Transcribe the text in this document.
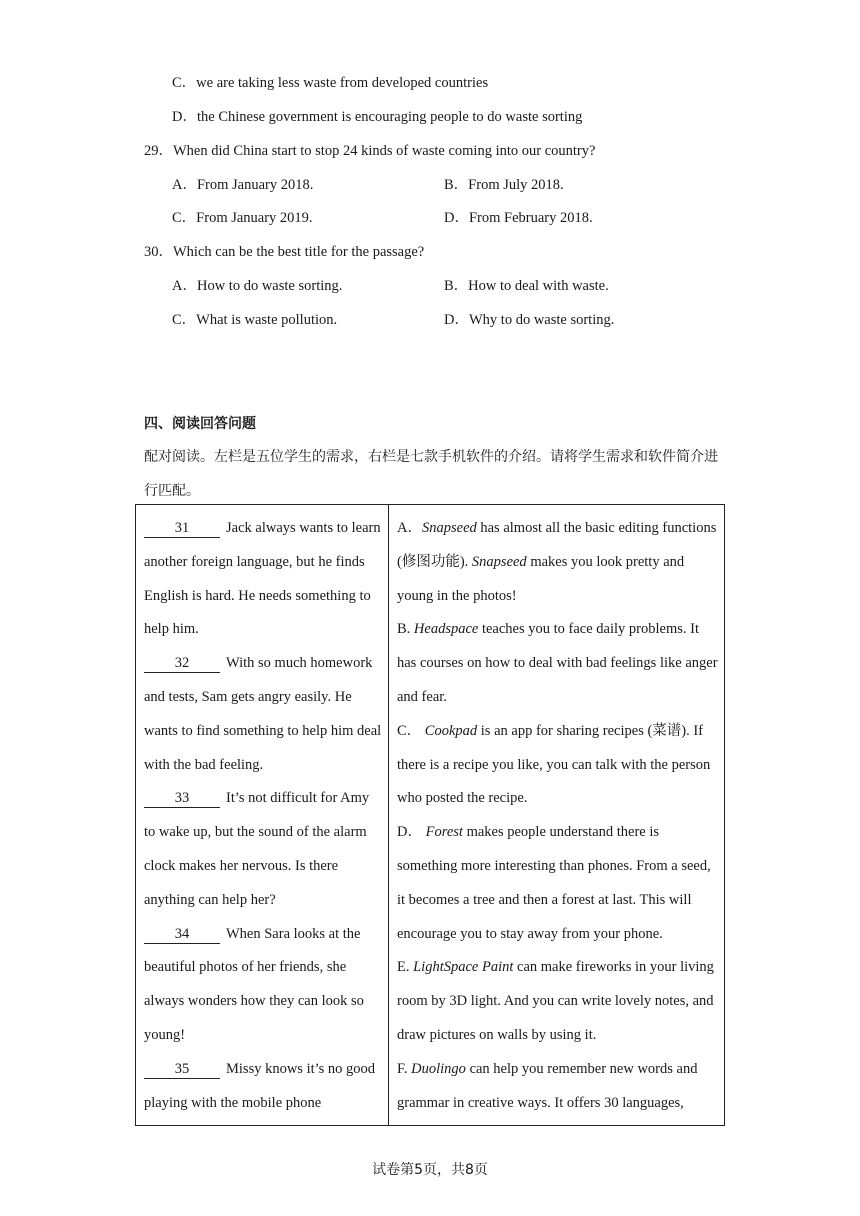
C．we are taking less waste from developed countries
D．the Chinese government is encouraging people to do waste sorting
29．When did China start to stop 24 kinds of waste coming into our country?
A．From January 2018.	B．From July 2018.
C．From January 2019.	D．From February 2018.
30．Which can be the best title for the passage?
A．How to do waste sorting.	B．How to deal with waste.
C．What is waste pollution.	D．Why to do waste sorting.
四、阅读回答问题
配对阅读。左栏是五位学生的需求，右栏是七款手机软件的介绍。请将学生需求和软件简介进行匹配。
31	Jack always wants to learn another foreign language, but he finds English is hard. He needs something to help him.
32	With so much homework and tests, Sam gets angry easily. He wants to find something to help him deal with the bad feeling.
33	It’s not difficult for Amy to wake up, but the sound of the alarm clock makes her nervous. Is there anything can help her?
34	When Sara looks at the beautiful photos of her friends, she always wonders how they can look so young!
35	Missy knows it’s no good playing with the mobile phone

A．Snapseed has almost all the basic editing functions (修图功能). Snapseed makes you look pretty and young in the photos!
B. Headspace teaches you to face daily problems. It has courses on how to deal with bad feelings like anger and fear.
C． Cookpad is an app for sharing recipes (菜谱). If there is a recipe you like, you can talk with the person who posted the recipe.
D． Forest makes people understand there is something more interesting than phones. From a seed, it becomes a tree and then a forest at last. This will encourage you to stay away from your phone.
E. LightSpace Paint can make fireworks in your living room by 3D light. And you can write lovely notes, and draw pictures on walls by using it.
F. Duolingo can help you remember new words and grammar in creative ways. It offers 30 languages,
试卷第5页，共8页
